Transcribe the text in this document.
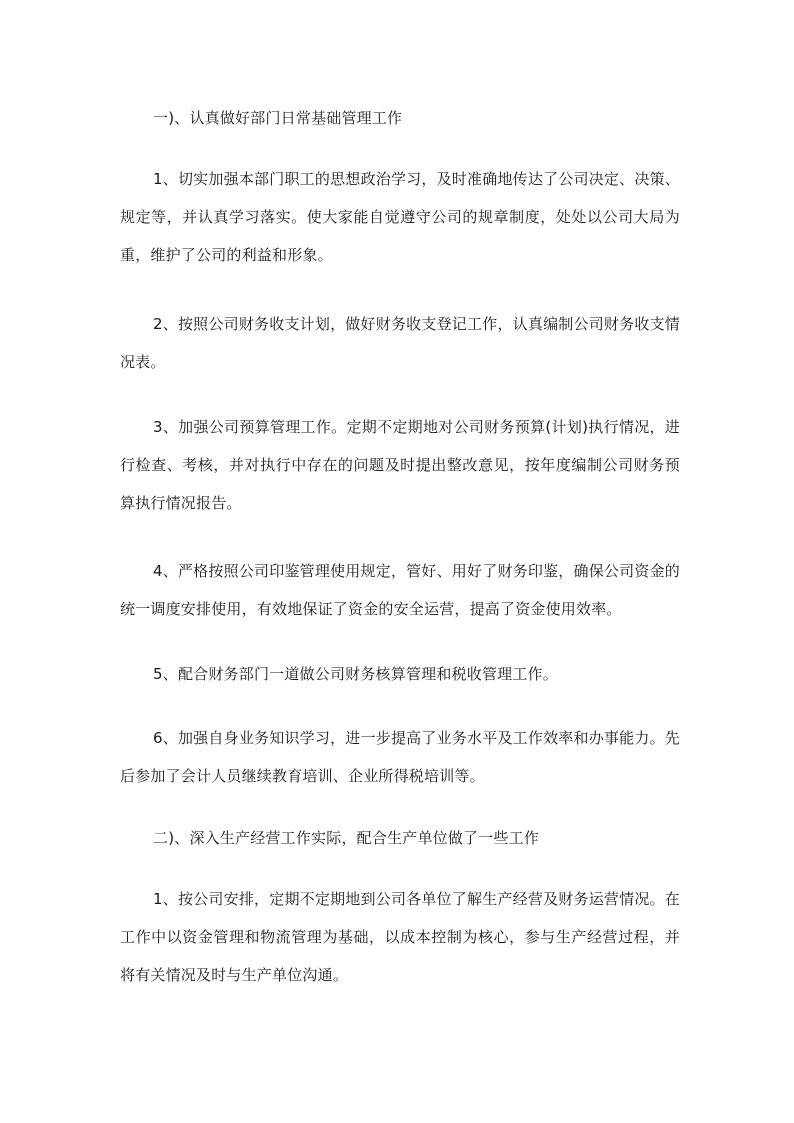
一)、认真做好部门日常基础管理工作

1、切实加强本部门职工的思想政治学习，及时准确地传达了公司决定、决策、规定等，并认真学习落实。使大家能自觉遵守公司的规章制度，处处以公司大局为重，维护了公司的利益和形象。

2、按照公司财务收支计划，做好财务收支登记工作，认真编制公司财务收支情况表。

3、加强公司预算管理工作。定期不定期地对公司财务预算(计划)执行情况，进行检查、考核，并对执行中存在的问题及时提出整改意见，按年度编制公司财务预算执行情况报告。

4、严格按照公司印鉴管理使用规定，管好、用好了财务印鉴，确保公司资金的统一调度安排使用，有效地保证了资金的安全运营，提高了资金使用效率。

5、配合财务部门一道做公司财务核算管理和税收管理工作。

6、加强自身业务知识学习，进一步提高了业务水平及工作效率和办事能力。先后参加了会计人员继续教育培训、企业所得税培训等。

二)、深入生产经营工作实际，配合生产单位做了一些工作

1、按公司安排，定期不定期地到公司各单位了解生产经营及财务运营情况。在工作中以资金管理和物流管理为基础，以成本控制为核心，参与生产经营过程，并将有关情况及时与生产单位沟通。
